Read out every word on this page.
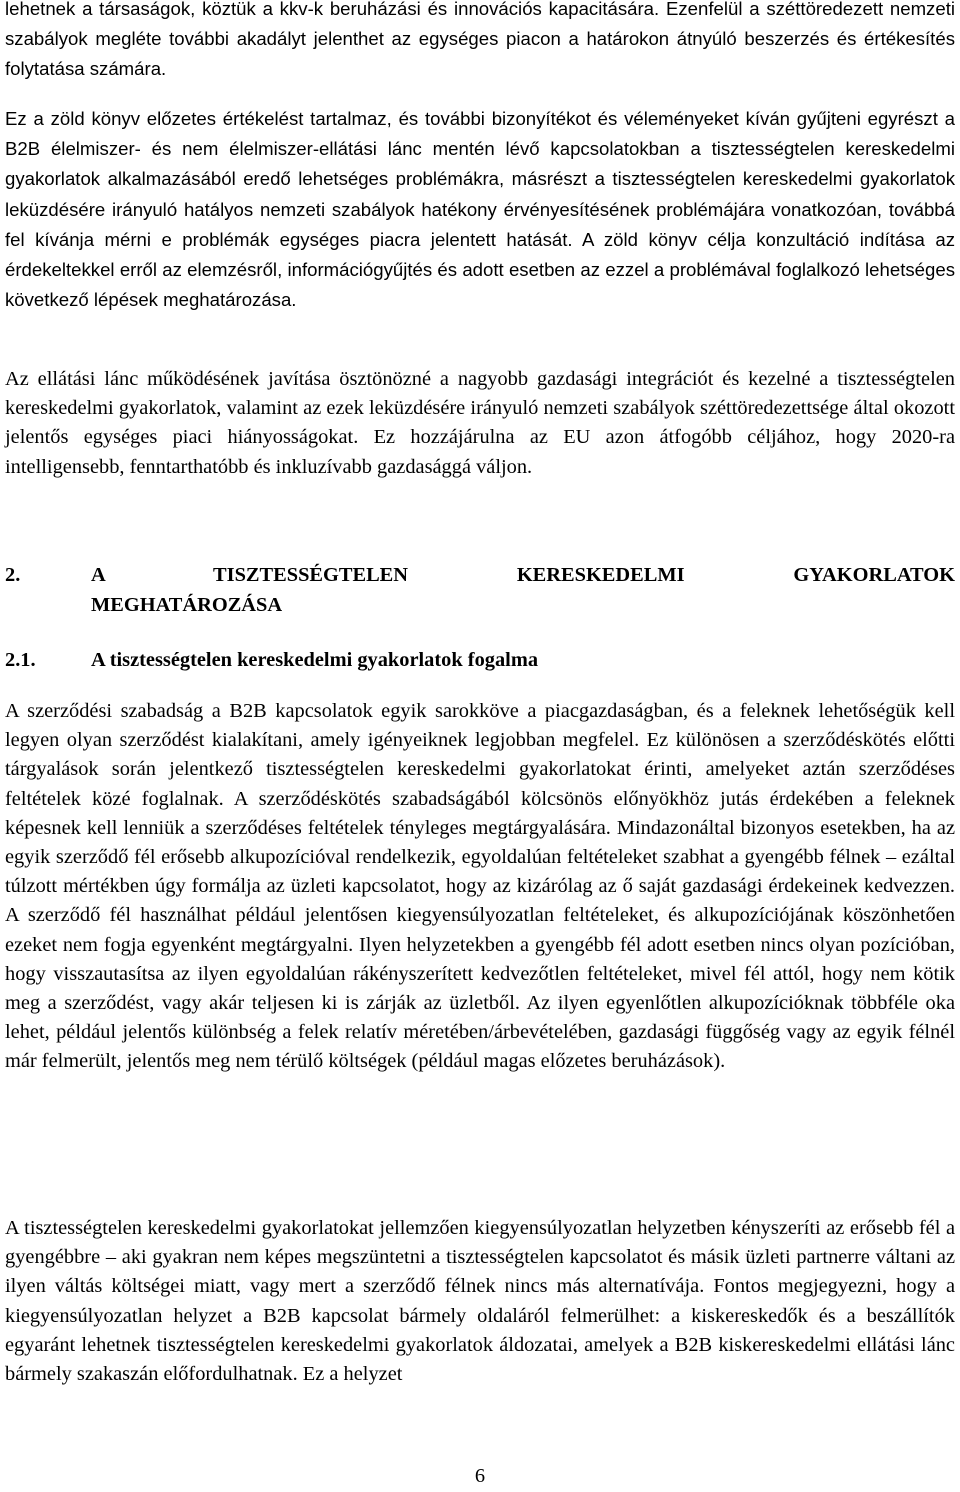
lehetnek a társaságok, köztük a kkv-k beruházási és innovációs kapacitására. Ezenfelül a széttöredezett nemzeti szabályok megléte további akadályt jelenthet az egységes piacon a határokon átnyúló beszerzés és értékesítés folytatása számára.

Ez a zöld könyv előzetes értékelést tartalmaz, és további bizonyítékot és véleményeket kíván gyűjteni egyrészt a B2B élelmiszer- és nem élelmiszer-ellátási lánc mentén lévő kapcsolatokban a tisztességtelen kereskedelmi gyakorlatok alkalmazásából eredő lehetséges problémákra, másrészt a tisztességtelen kereskedelmi gyakorlatok leküzdésére irányuló hatályos nemzeti szabályok hatékony érvényesítésének problémájára vonatkozóan, továbbá fel kívánja mérni e problémák egységes piacra jelentett hatását. A zöld könyv célja konzultáció indítása az érdekeltekkel erről az elemzésről, információgyűjtés és adott esetben az ezzel a problémával foglalkozó lehetséges következő lépések meghatározása.

Az ellátási lánc működésének javítása ösztönözné a nagyobb gazdasági integrációt és kezelné a tisztességtelen kereskedelmi gyakorlatok, valamint az ezek leküzdésére irányuló nemzeti szabályok széttöredezettsége által okozott jelentős egységes piaci hiányosságokat. Ez hozzájárulna az EU azon átfogóbb céljához, hogy 2020-ra intelligensebb, fenntarthatóbb és inkluzívabb gazdasággá váljon.

2.	A TISZTESSÉGTELEN KERESKEDELMI GYAKORLATOK
MEGHATÁROZÁSA
2.1.	A tisztességtelen kereskedelmi gyakorlatok fogalma

A szerződési szabadság a B2B kapcsolatok egyik sarokköve a piacgazdaságban, és a feleknek lehetőségük kell legyen olyan szerződést kialakítani, amely igényeiknek legjobban megfelel. Ez különösen a szerződéskötés előtti tárgyalások során jelentkező tisztességtelen kereskedelmi gyakorlatokat érinti, amelyeket aztán szerződéses feltételek közé foglalnak. A szerződéskötés szabadságából kölcsönös előnyökhöz jutás érdekében a feleknek képesnek kell lenniük a szerződéses feltételek tényleges megtárgyalására. Mindazonáltal bizonyos esetekben, ha az egyik szerződő fél erősebb alkupozícióval rendelkezik, egyoldalúan feltételeket szabhat a gyengébb félnek – ezáltal túlzott mértékben úgy formálja az üzleti kapcsolatot, hogy az kizárólag az ő saját gazdasági érdekeinek kedvezzen. A szerződő fél használhat például jelentősen kiegyensúlyozatlan feltételeket, és alkupozíciójának köszönhetően ezeket nem fogja egyenként megtárgyalni. Ilyen helyzetekben a gyengébb fél adott esetben nincs olyan pozícióban, hogy visszautasítsa az ilyen egyoldalúan rákényszerített kedvezőtlen feltételeket, mivel fél attól, hogy nem kötik meg a szerződést, vagy akár teljesen ki is zárják az üzletből. Az ilyen egyenlőtlen alkupozícióknak többféle oka lehet, például jelentős különbség a felek relatív méretében/árbevételében, gazdasági függőség vagy az egyik félnél már felmerült, jelentős meg nem térülő költségek (például magas előzetes beruházások).

A tisztességtelen kereskedelmi gyakorlatokat jellemzően kiegyensúlyozatlan helyzetben kényszeríti az erősebb fél a gyengébbre – aki gyakran nem képes megszüntetni a tisztességtelen kapcsolatot és másik üzleti partnerre váltani az ilyen váltás költségei miatt, vagy mert a szerződő félnek nincs más alternatívája. Fontos megjegyezni, hogy a kiegyensúlyozatlan helyzet a B2B kapcsolat bármely oldaláról felmerülhet: a kiskereskedők és a beszállítók egyaránt lehetnek tisztességtelen kereskedelmi gyakorlatok áldozatai, amelyek a B2B kiskereskedelmi ellátási lánc bármely szakaszán előfordulhatnak. Ez a helyzet

6
